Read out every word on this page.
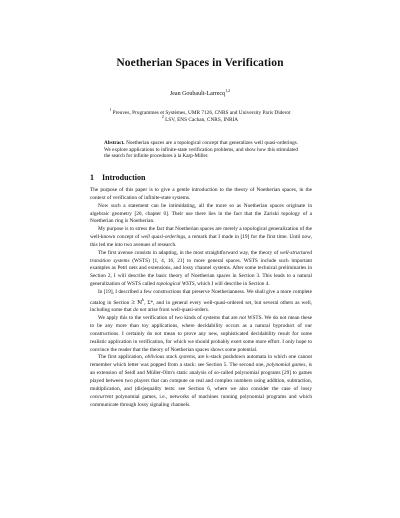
Noetherian Spaces in Verification
Jean Goubault-Larrecq$^{1,2}$
$^1$ Preuves, Programmes et Systèmes, UMR 7126, CNRS and University Paris Diderot
$^2$ LSV, ENS Cachan, CNRS, INRIA
Abstract. Noetherian spaces are a topological concept that generalizes well quasi-orderings. We explore applications to infinite-state verification problems, and show how this stimulated the search for infinite procedures à la Karp-Miller.
1 Introduction

The purpose of this paper is to give a gentle introduction to the theory of Noetherian spaces, in the context of verification of infinite-state systems.

Now such a statement can be intimidating, all the more so as Noetherian spaces originate in algebraic geometry [20, chapter 0]. Their use there lies in the fact that the Zariski topology of a Noetherian ring is Noetherian.

My purpose is to stress the fact that Noetherian spaces are merely a topological generalization of the well-known concept of well quasi-orderings, a remark that I made in [19] for the first time. Until now, this led me into two avenues of research.

The first avenue consists in adapting, in the most straightforward way, the theory of well-structured transition systems (WSTS) [1, 4, 16, 21] to more general spaces. WSTS include such important examples as Petri nets and extensions, and lossy channel systems. After some technical preliminaries in Section 2, I will describe the basic theory of Noetherian spaces in Section 3. This leads to a natural generalization of WSTS called topological WSTS, which I will describe in Section 4.

In [19], I described a few constructions that preserve Noetherianness. We shall give a more complete catalog in Section 3: ℕ$^k$, Σ*, and in general every well-quasi-ordered set, but several others as well, including some that do not arise from well-quasi-orders.

We apply this to the verification of two kinds of systems that are not WSTS. We do not mean these to be any more than toy applications, where decidability occurs as a natural byproduct of our constructions. I certainly do not mean to prove any new, sophisticated decidability result for some realistic application in verification, for which we should probably exert some more effort. I only hope to convince the reader that the theory of Noetherian spaces shows some potential.

The first application, oblivious stack systems, are k-stack pushdown automata in which one cannot remember which letter was popped from a stack: see Section 5. The second one, polynomial games, is an extension of Seidl and Müller-Olm's static analysis of so-called polynomial programs [29] to games played between two players that can compute on real and complex numbers using addition, subtraction, multiplication, and (dis)equality tests: see Section 6, where we also consider the case of lossy concurrent polynomial games, i.e., networks of machines running polynomial programs and which communicate through lossy signaling channels.
